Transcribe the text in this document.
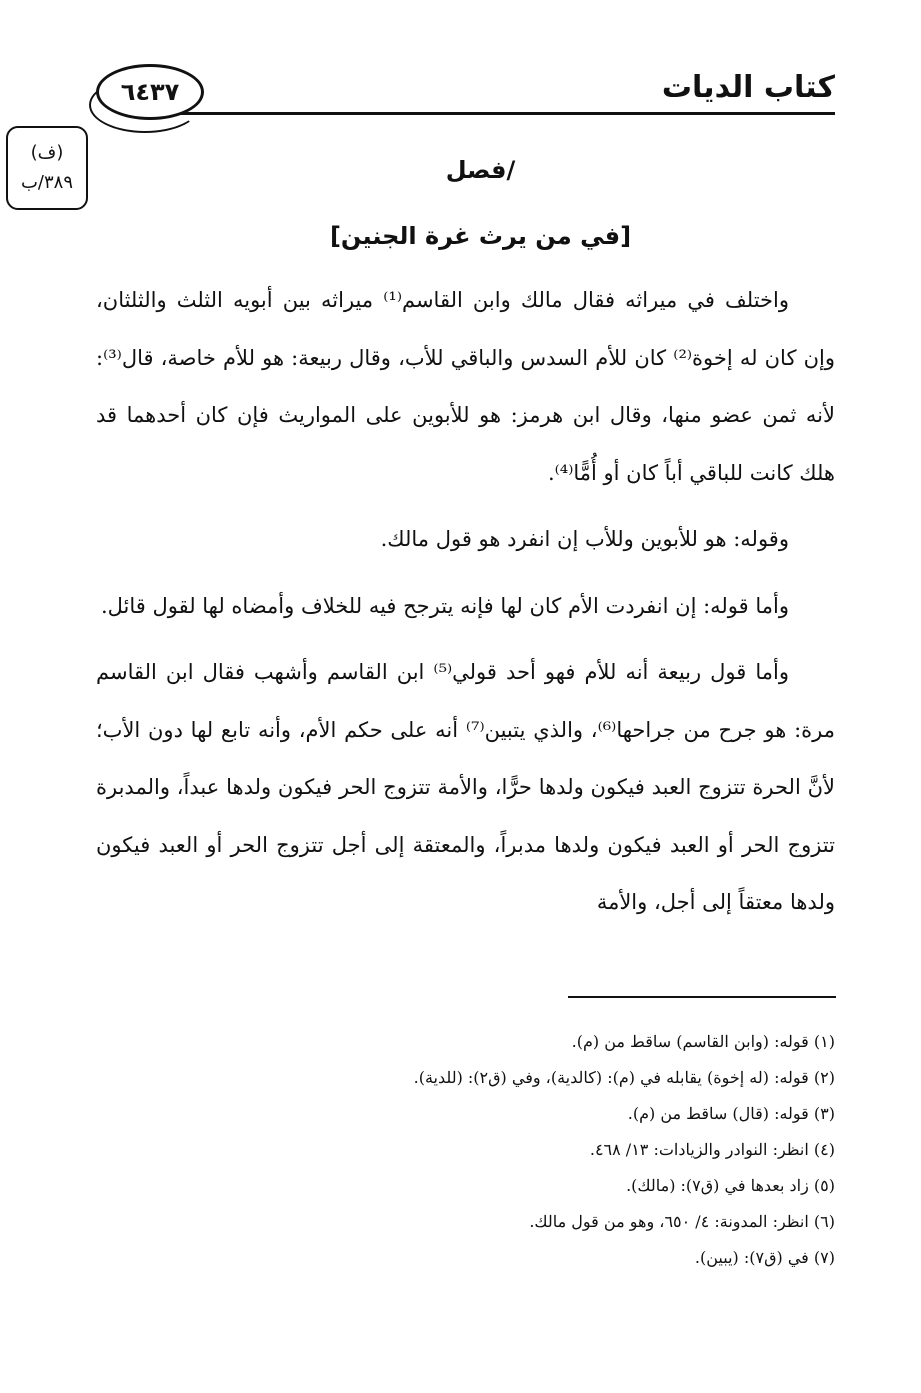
كتاب الديات
٦٤٣٧
(ف)
٣٨٩/ب	/فصل
[في من يرث غرة الجنين]

واختلف في ميراثه فقال مالك وابن القاسم⁽¹⁾ ميراثه بين أبويه الثلث والثلثان، وإن كان له إخوة⁽²⁾ كان للأم السدس والباقي للأب، وقال ربيعة: هو للأم خاصة، قال⁽³⁾: لأنه ثمن عضو منها، وقال ابن هرمز: هو للأبوين على المواريث فإن كان أحدهما قد هلك كانت للباقي أباً كان أو أُمًّا⁽⁴⁾.

وقوله: هو للأبوين وللأب إن انفرد هو قول مالك.

وأما قوله: إن انفردت الأم كان لها فإنه يترجح فيه للخلاف وأمضاه لها لقول قائل.

وأما قول ربيعة أنه للأم فهو أحد قولي⁽⁵⁾ ابن القاسم وأشهب فقال ابن القاسم مرة: هو جرح من جراحها⁽⁶⁾، والذي يتبين⁽⁷⁾ أنه على حكم الأم، وأنه تابع لها دون الأب؛ لأنَّ الحرة تتزوج العبد فيكون ولدها حرًّا، والأمة تتزوج الحر فيكون ولدها عبداً، والمدبرة تتزوج الحر أو العبد فيكون ولدها مدبراً، والمعتقة إلى أجل تتزوج الحر أو العبد فيكون ولدها معتقاً إلى أجل، والأمة

(١) قوله: (وابن القاسم) ساقط من (م).

(٢) قوله: (له إخوة) يقابله في (م): (كالدية)، وفي (ق٢): (للدية).

(٣) قوله: (قال) ساقط من (م).

(٤) انظر: النوادر والزيادات: ١٣/ ٤٦٨.

(٥) زاد بعدها في (ق٧): (مالك).

(٦) انظر: المدونة: ٤/ ٦٥٠، وهو من قول مالك.

(٧) في (ق٧): (يبين).
